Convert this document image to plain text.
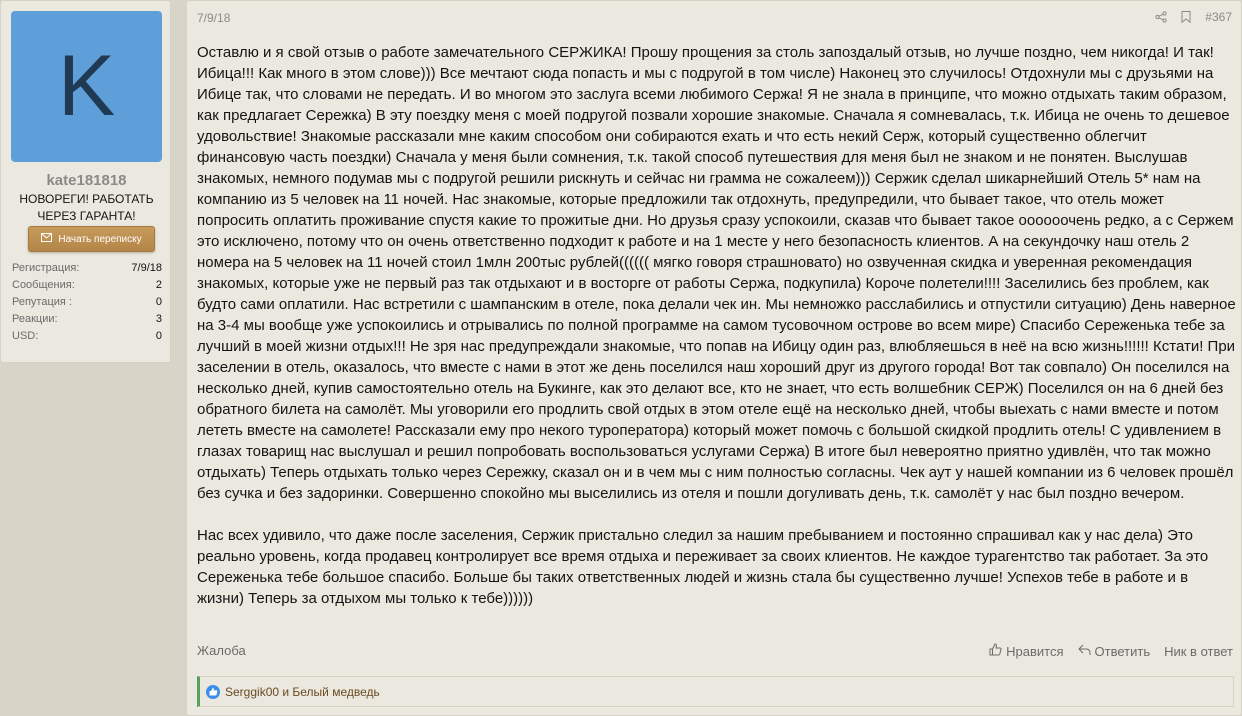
K
kate181818
НОВОРЕГИ! РАБОТАТЬ ЧЕРЕЗ ГАРАНТА!
Начать переписку
Регистрация:	7/9/18
Сообщения:	2
Репутация :	0
Реакции:	3
USD:	0
7/9/18	#367

Оставлю и я свой отзыв о работе замечательного СЕРЖИКА! Прошу прощения за столь запоздалый отзыв, но лучше поздно, чем никогда! И так! Ибица!!! Как много в этом слове))) Все мечтают сюда попасть и мы с подругой в том числе) Наконец это случилось! Отдохнули мы с друзьями на Ибице так, что словами не передать. И во многом это заслуга всеми любимого Сержа! Я не знала в принципе, что можно отдыхать таким образом, как предлагает Сережка) В эту поездку меня с моей подругой позвали хорошие знакомые. Сначала я сомневалась, т.к. Ибица не очень то дешевое удовольствие! Знакомые рассказали мне каким способом они собираются ехать и что есть некий Серж, который существенно облегчит финансовую часть поездки) Сначала у меня были сомнения, т.к. такой способ путешествия для меня был не знаком и не понятен. Выслушав знакомых, немного подумав мы с подругой решили рискнуть и сейчас ни грамма не сожалеем))) Сержик сделал шикарнейший Отель 5* нам на компанию из 5 человек на 11 ночей. Нас знакомые, которые предложили так отдохнуть, предупредили, что бывает такое, что отель может попросить оплатить проживание спустя какие то прожитые дни. Но друзья сразу успокоили, сказав что бывает такое оооооочень редко, а с Сержем это исключено, потому что он очень ответственно подходит к работе и на 1 месте у него безопасность клиентов. А на секундочку наш отель 2 номера на 5 человек на 11 ночей стоил 1млн 200тыс рублей(((((( мягко говоря страшновато) но озвученная скидка и уверенная рекомендация знакомых, которые уже не первый раз так отдыхают и в восторге от работы Сержа, подкупила) Короче полетели!!!! Заселились без проблем, как будто сами оплатили. Нас встретили с шампанским в отеле, пока делали чек ин. Мы немножко расслабились и отпустили ситуацию) День наверное на 3-4 мы вообще уже успокоились и отрывались по полной программе на самом тусовочном острове во всем мире) Спасибо Сереженька тебе за лучший в моей жизни отдых!!! Не зря нас предупреждали знакомые, что попав на Ибицу один раз, влюбляешься в неё на всю жизнь!!!!!! Кстати! При заселении в отель, оказалось, что вместе с нами в этот же день поселился наш хороший друг из другого города! Вот так совпало) Он поселился на несколько дней, купив самостоятельно отель на Букинге, как это делают все, кто не знает, что есть волшебник СЕРЖ) Поселился он на 6 дней без обратного билета на самолёт. Мы уговорили его продлить свой отдых в этом отеле ещё на несколько дней, чтобы выехать с нами вместе и потом лететь вместе на самолете! Рассказали ему про некого туроператора) который может помочь с большой скидкой продлить отель! С удивлением в глазах товарищ нас выслушал и решил попробовать воспользоваться услугами Сержа) В итоге был невероятно приятно удивлён, что так можно отдыхать) Теперь отдыхать только через Сережку, сказал он и в чем мы с ним полностью согласны. Чек аут у нашей компании из 6 человек прошёл без сучка и без задоринки. Совершенно спокойно мы выселились из отеля и пошли догуливать день, т.к. самолёт у нас был поздно вечером.

Нас всех удивило, что даже после заселения, Сержик пристально следил за нашим пребыванием и постоянно спрашивал как у нас дела) Это реально уровень, когда продавец контролирует все время отдыха и переживает за своих клиентов. Не каждое турагентство так работает. За это Сереженька тебе большое спасибо. Больше бы таких ответственных людей и жизнь стала бы существенно лучше! Успехов тебе в работе и в жизни) Теперь за отдыхом мы только к тебе))))))

Жалоба	Нравится Ответить Ник в ответ
Serggik00 и Белый медведь
